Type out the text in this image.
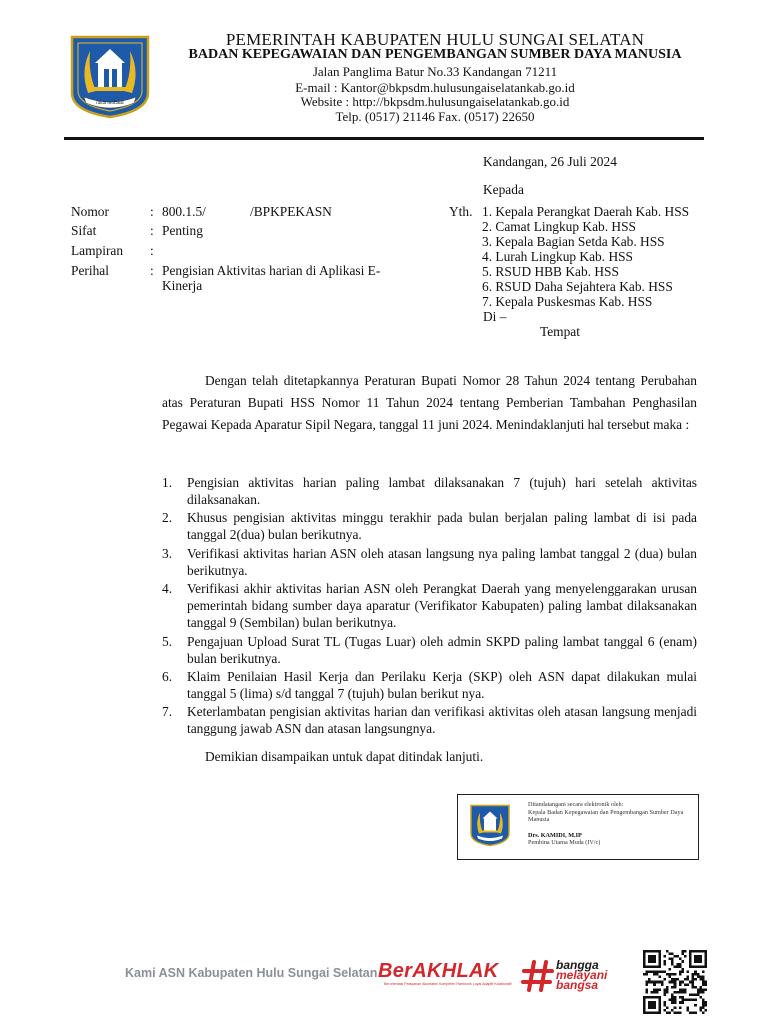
rakat mufakat
PEMERINTAH KABUPATEN HULU SUNGAI SELATAN
BADAN KEPEGAWAIAN DAN PENGEMBANGAN SUMBER DAYA MANUSIA
Jalan Panglima Batur No.33 Kandangan 71211
E-mail : Kantor@bkpsdm.hulusungaiselatankab.go.id
Website : http://bkpsdm.hulusungaiselatankab.go.id
Telp. (0517) 21146 Fax. (0517) 22650
Kandangan, 26 Juli 2024
Kepada
Yth. 1. Kepala Perangkat Daerah Kab. HSS
2. Camat Lingkup Kab. HSS
3. Kepala Bagian Setda Kab. HSS
4. Lurah Lingkup Kab. HSS
5. RSUD HBB Kab. HSS
6. RSUD Daha Sejahtera Kab. HSS
7. Kepala Puskesmas Kab. HSS
Di –
Tempat
Nomor	: 800.1.5/	/BPKPEKASN
Sifat	: Penting
Lampiran :
Perihal	: Pengisian Aktivitas harian di Aplikasi E-Kinerja
Dengan telah ditetapkannya Peraturan Bupati Nomor 28 Tahun 2024 tentang Perubahan atas Peraturan Bupati HSS Nomor 11 Tahun 2024 tentang Pemberian Tambahan Penghasilan Pegawai Kepada Aparatur Sipil Negara, tanggal 11 juni 2024. Menindaklanjuti hal tersebut maka :
1. Pengisian aktivitas harian paling lambat dilaksanakan 7 (tujuh) hari setelah aktivitas dilaksanakan.
2. Khusus pengisian aktivitas minggu terakhir pada bulan berjalan paling lambat di isi pada tanggal 2(dua) bulan berikutnya.
3. Verifikasi aktivitas harian ASN oleh atasan langsung nya paling lambat tanggal 2 (dua) bulan berikutnya.
4. Verifikasi akhir aktivitas harian ASN oleh Perangkat Daerah yang menyelenggarakan urusan pemerintah bidang sumber daya aparatur (Verifikator Kabupaten) paling lambat dilaksanakan tanggal 9 (Sembilan) bulan berikutnya.
5. Pengajuan Upload Surat TL (Tugas Luar) oleh admin SKPD paling lambat tanggal 6 (enam) bulan berikutnya.
6. Klaim Penilaian Hasil Kerja dan Perilaku Kerja (SKP) oleh ASN dapat dilakukan mulai tanggal 5 (lima) s/d tanggal 7 (tujuh) bulan berikut nya.
7. Keterlambatan pengisian aktivitas harian dan verifikasi aktivitas oleh atasan langsung menjadi tanggung jawab ASN dan atasan langsungnya.
Demikian disampaikan untuk dapat ditindak lanjuti.
Ditandatangani secara elektronik oleh:
Kepala Badan Kepegawaian dan Pengembangan Sumber Daya Manusia
Drs. KAMIDI, M.IP
Pembina Utama Muda (IV/c)
Kami ASN Kabupaten Hulu Sungai Selatan BerAKHLAK
Berorientasi Pelayanan Akuntabel Kompeten Harmonis Loyal Adaptif Kolaboratif
bangga
melayani
bangsa
